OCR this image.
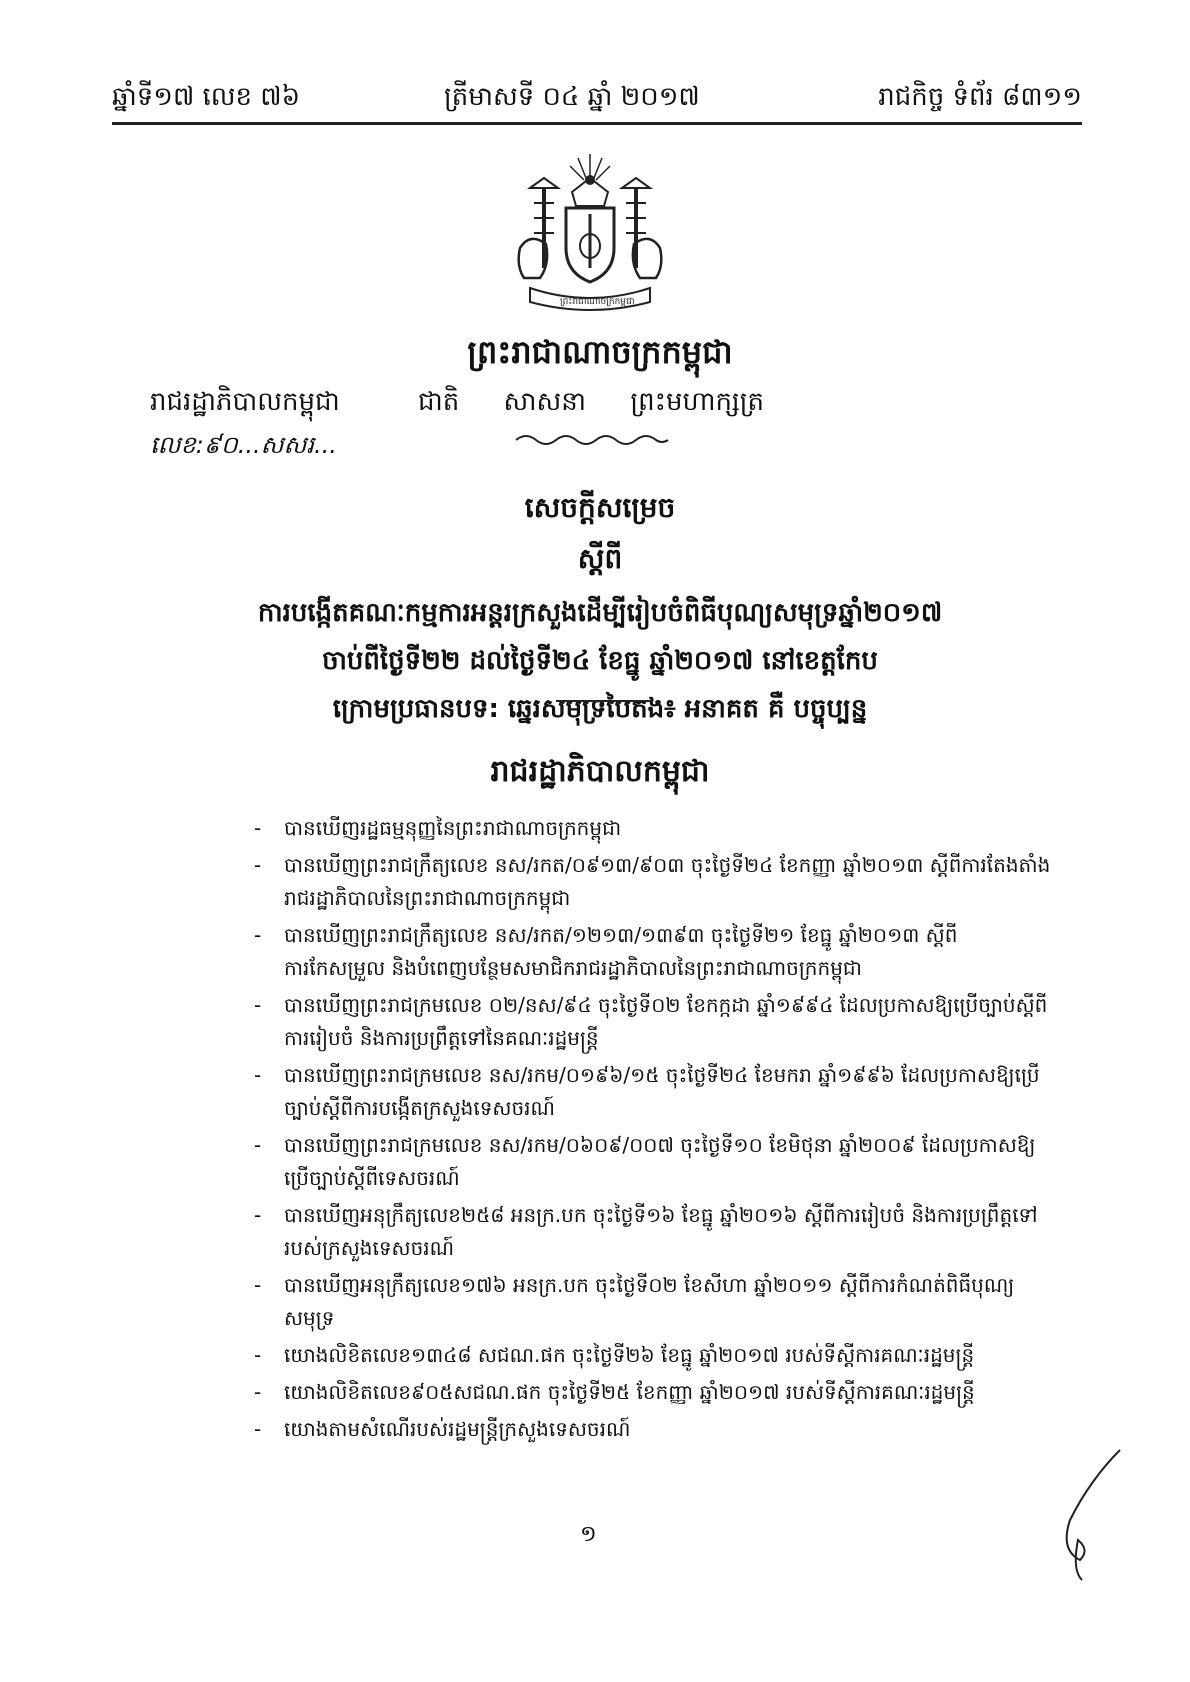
ឆ្នាំទី១៧ លេខ ៧៦	ត្រីមាសទី ០៤ ឆ្នាំ ២០១៧	រាជកិច្ច ទំព័រ ៨៣១១
ព្រះរាជាណាចក្រកម្ពុជា
ព្រះរាជាណាចក្រកម្ពុជា
រាជរដ្ឋាភិបាលកម្ពុជា
លេខ:៩០...សសរ...
ជាតិ សាសនា ព្រះមហាក្សត្រ
សេចក្តីសម្រេច
ស្តីពី
ការបង្កើតគណៈកម្មការអន្តរក្រសួងដើម្បីរៀបចំពិធីបុណ្យសមុទ្រឆ្នាំ២០១៧
ចាប់ពីថ្ងៃទី២២ ដល់ថ្ងៃទី២៤ ខែធ្នូ ឆ្នាំ២០១៧ នៅខេត្តកែប
ក្រោមប្រធានបទ: ឆ្នេរសមុទ្របៃតង៖ អនាគត គឺ បច្ចុប្បន្ន
រាជរដ្ឋាភិបាលកម្ពុជា
- បានឃើញរដ្ឋធម្មនុញ្ញនៃព្រះរាជាណាចក្រកម្ពុជា
- បានឃើញព្រះរាជក្រឹត្យលេខ នស/រកត/០៩១៣/៩០៣ ចុះថ្ងៃទី២៤ ខែកញ្ញា ឆ្នាំ២០១៣ ស្តីពីការតែងតាំងរាជរដ្ឋាភិបាលនៃព្រះរាជាណាចក្រកម្ពុជា
- បានឃើញព្រះរាជក្រឹត្យលេខ នស/រកត/១២១៣/១៣៩៣ ចុះថ្ងៃទី២១ ខែធ្នូ ឆ្នាំ២០១៣ ស្តីពីការកែសម្រួល និងបំពេញបន្ថែមសមាជិករាជរដ្ឋាភិបាលនៃព្រះរាជាណាចក្រកម្ពុជា
- បានឃើញព្រះរាជក្រមលេខ ០២/នស/៩៤ ចុះថ្ងៃទី០២ ខែកក្កដា ឆ្នាំ១៩៩៤ ដែលប្រកាសឱ្យប្រើច្បាប់ស្តីពីការរៀបចំ និងការប្រព្រឹត្តទៅនៃគណៈរដ្ឋមន្ត្រី
- បានឃើញព្រះរាជក្រមលេខ នស/រកម/០១៩៦/១៥ ចុះថ្ងៃទី២៤ ខែមករា ឆ្នាំ១៩៩៦ ដែលប្រកាសឱ្យប្រើច្បាប់ស្តីពីការបង្កើតក្រសួងទេសចរណ៍
- បានឃើញព្រះរាជក្រមលេខ នស/រកម/០៦០៩/០០៧ ចុះថ្ងៃទី១០ ខែមិថុនា ឆ្នាំ២០០៩ ដែលប្រកាសឱ្យប្រើច្បាប់ស្តីពីទេសចរណ៍
- បានឃើញអនុក្រឹត្យលេខ២៥៨ អនក្រ.បក ចុះថ្ងៃទី១៦ ខែធ្នូ ឆ្នាំ២០១៦ ស្តីពីការរៀបចំ និងការប្រព្រឹត្តទៅរបស់ក្រសួងទេសចរណ៍
- បានឃើញអនុក្រឹត្យលេខ១៧៦ អនក្រ.បក ចុះថ្ងៃទី០២ ខែសីហា ឆ្នាំ២០១១ ស្តីពីការកំណត់ពិធីបុណ្យសមុទ្រ
- យោងលិខិតលេខ១៣៤៨ សជណ.ផក ចុះថ្ងៃទី២៦ ខែធ្នូ ឆ្នាំ២០១៧ របស់ទីស្តីការគណៈរដ្ឋមន្ត្រី
- យោងលិខិតលេខ៩០៥សជណ.ផក ចុះថ្ងៃទី២៥ ខែកញ្ញា ឆ្នាំ២០១៧ របស់ទីស្តីការគណៈរដ្ឋមន្ត្រី
- យោងតាមសំណើរបស់រដ្ឋមន្ត្រីក្រសួងទេសចរណ៍
១
